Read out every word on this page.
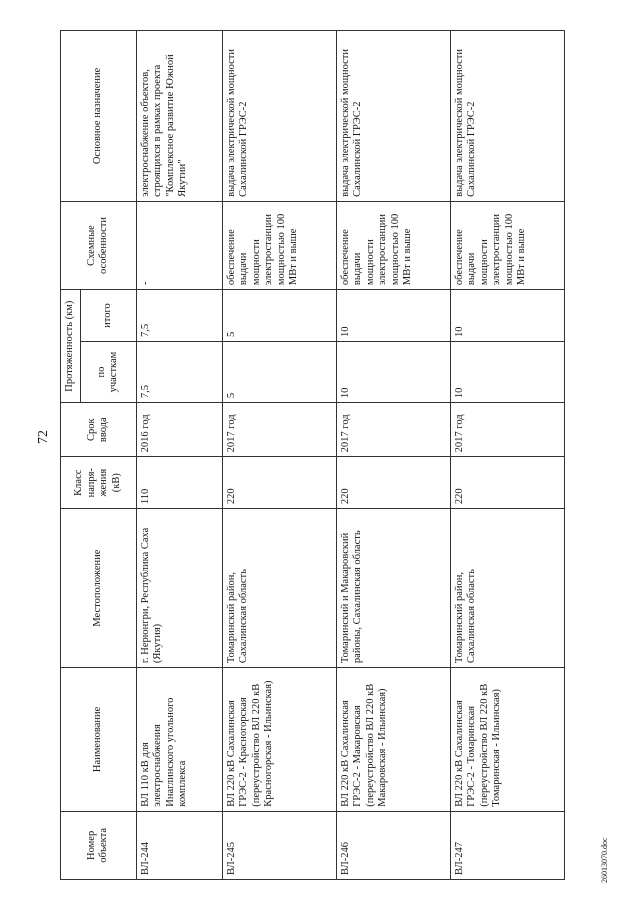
72
26013070.doc
Номер объекта	Наименование	Местоположение	Класс напря-жения (кВ)	Срок ввода	Протяженность (км)		Схемные особенности	Основное назначение
					по участкам	итого		
ВЛ-244	ВЛ 110 кВ для электроснабжения Инаглинского угольного комплекса	г. Нерюнгри, Республика Саха (Якутия)	110	2016 год	7,5	7,5	-	электроснабжение объектов, строящихся в рамках проекта "Комплексное развитие Южной Якутии"
ВЛ-245	ВЛ 220 кВ Сахалинская ГРЭС-2 - Красногорская (переустройство ВЛ 220 кВ Красногорская - Ильинская)	Томаринский район, Сахалинская область	220	2017 год	5	5	обеспечение выдачи мощности электростанции мощностью 100 МВт и выше	выдача электрической мощности Сахалинской ГРЭС-2
ВЛ-246	ВЛ 220 кВ Сахалинская ГРЭС-2 - Макаровская (переустройство ВЛ 220 кВ Макаровская - Ильинская)	Томаринский и Макаровский районы, Сахалинская область	220	2017 год	10	10	обеспечение выдачи мощности электростанции мощностью 100 МВт и выше	выдача электрической мощности Сахалинской ГРЭС-2
ВЛ-247	ВЛ 220 кВ Сахалинская ГРЭС-2 - Томаринская (переустройство ВЛ 220 кВ Томаринская - Ильинская)	Томаринский район, Сахалинская область	220	2017 год	10	10	обеспечение выдачи мощности электростанции мощностью 100 МВт и выше	выдача электрической мощности Сахалинской ГРЭС-2
